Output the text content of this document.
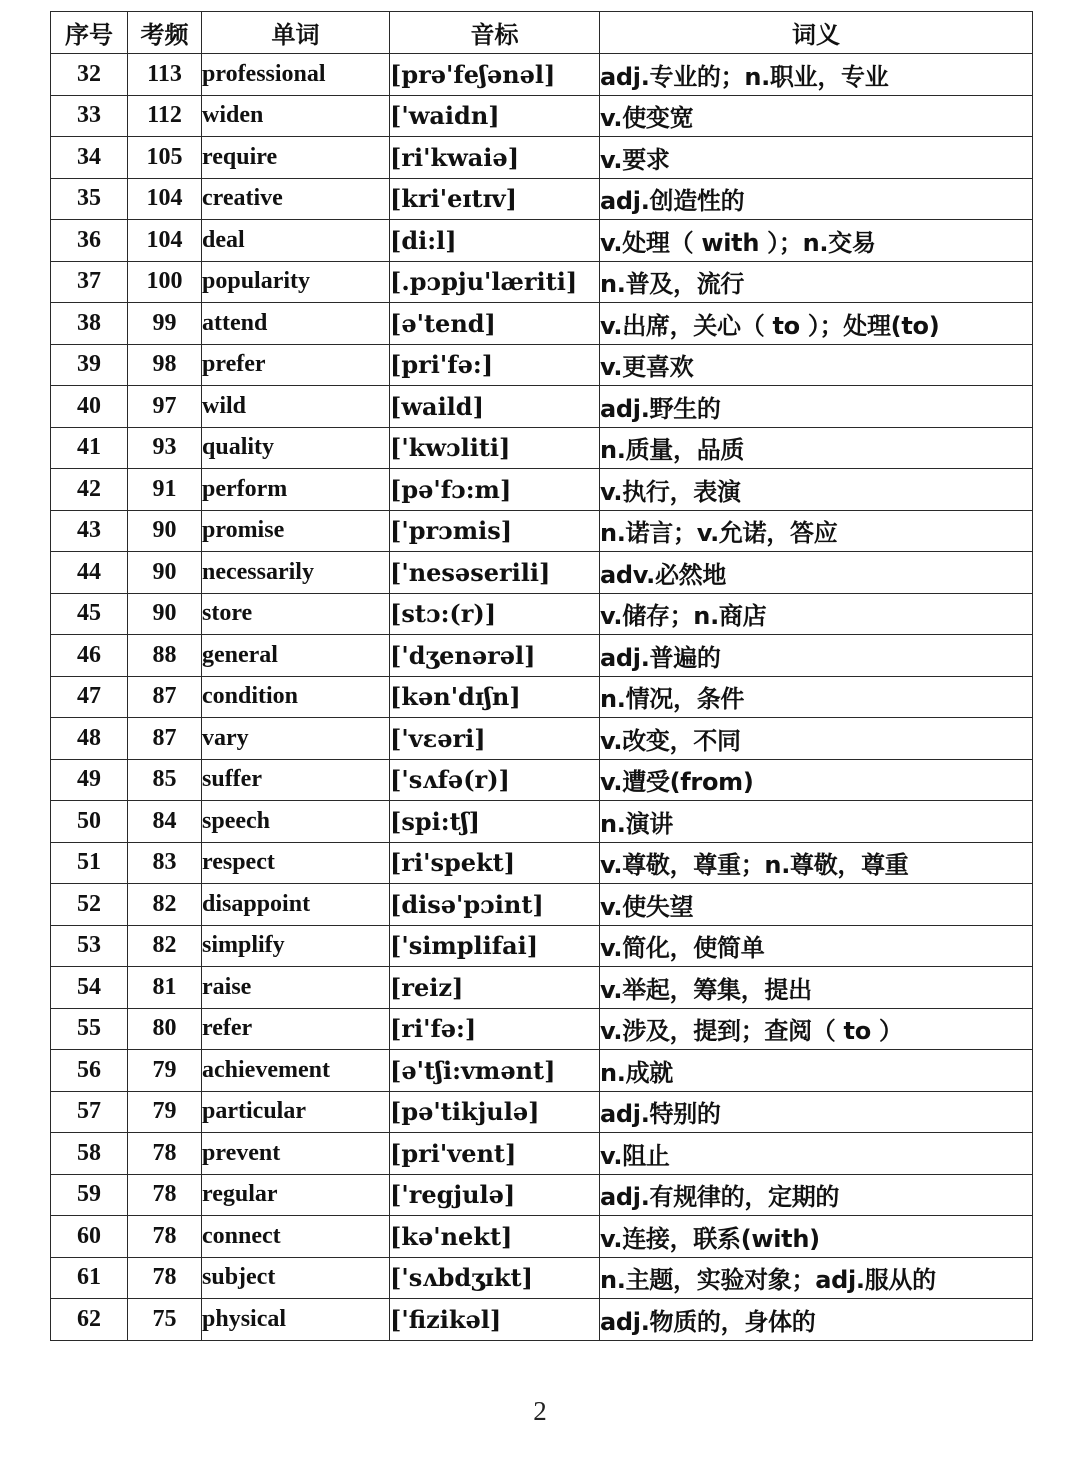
序号	考频	单词	音标	词义
32	113	professional	[prə'feʃənəl]	adj.专业的；n.职业，专业
33	112	widen	['waidn]	v.使变宽
34	105	require	[ri'kwaiə]	v.要求
35	104	creative	[kri'eɪtɪv]	adj.创造性的
36	104	deal	[di:l]	v.处理（ with ）；n.交易
37	100	popularity	[.pɔpju'læriti]	n.普及，流行
38	99	attend	[ə'tend]	v.出席，关心（ to ）；处理(to)
39	98	prefer	[pri'fə:]	v.更喜欢
40	97	wild	[waild]	adj.野生的
41	93	quality	['kwɔliti]	n.质量，品质
42	91	perform	[pə'fɔ:m]	v.执行，表演
43	90	promise	['prɔmis]	n.诺言；v.允诺，答应
44	90	necessarily	['nesəserili]	adv.必然地
45	90	store	[stɔ:(r)]	v.储存；n.商店
46	88	general	['dʒenərəl]	adj.普遍的
47	87	condition	[kən'dɪʃn]	n.情况，条件
48	87	vary	['vɛəri]	v.改变，不同
49	85	suffer	['sʌfə(r)]	v.遭受(from)
50	84	speech	[spi:tʃ]	n.演讲
51	83	respect	[ri'spekt]	v.尊敬，尊重；n.尊敬，尊重
52	82	disappoint	[disə'pɔint]	v.使失望
53	82	simplify	['simplifai]	v.简化，使简单
54	81	raise	[reiz]	v.举起，筹集，提出
55	80	refer	[ri'fə:]	v.涉及，提到；查阅（ to ）
56	79	achievement	[ə'tʃi:vmənt]	n.成就
57	79	particular	[pə'tikjulə]	adj.特别的
58	78	prevent	[pri'vent]	v.阻止
59	78	regular	['regjulə]	adj.有规律的，定期的
60	78	connect	[kə'nekt]	v.连接，联系(with)
61	78	subject	['sʌbdʒɪkt]	n.主题，实验对象；adj.服从的
62	75	physical	['fizikəl]	adj.物质的，身体的
2
